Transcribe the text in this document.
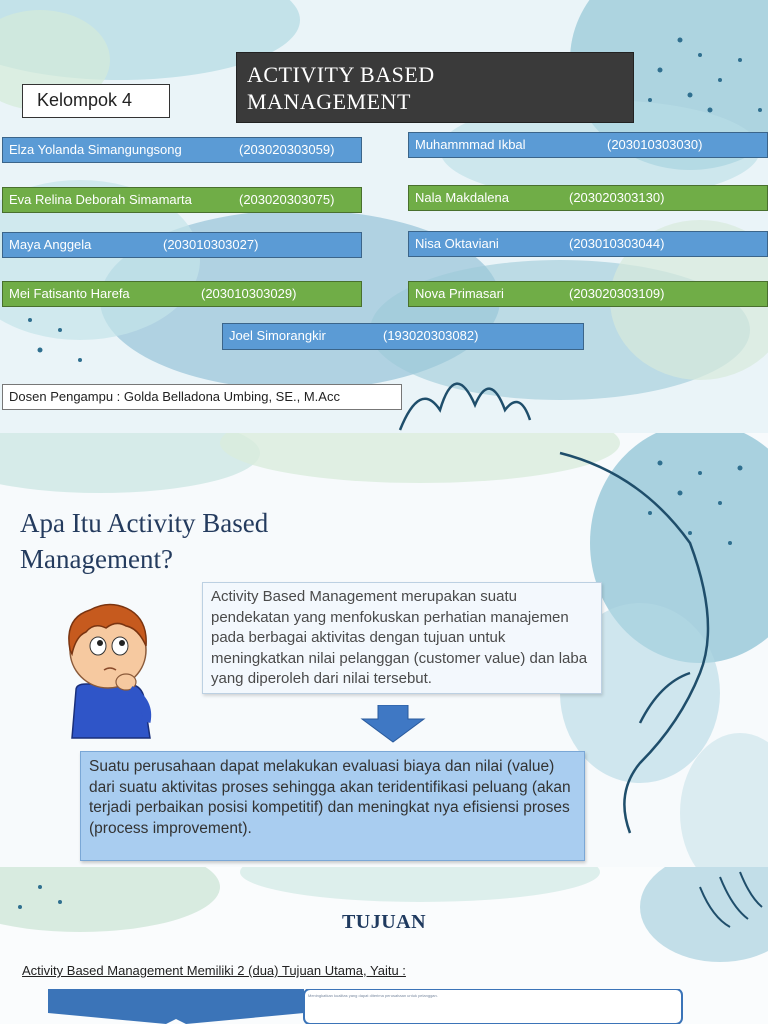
ACTIVITY BASED
MANAGEMENT
Kelompok 4
Elza Yolanda Simangungsong	(203020303059)
Eva Relina Deborah Simamarta	(203020303075)
Maya Anggela	(203010303027)
Mei Fatisanto Harefa	(203010303029)
Muhammmad Ikbal	(203010303030)
Nala Makdalena	(203020303130)
Nisa Oktaviani	(203010303044)
Nova Primasari	(203020303109)
Joel Simorangkir	(193020303082)
Dosen Pengampu : Golda Belladona Umbing, SE., M.Acc
Apa Itu Activity Based
Management?
Activity Based Management merupakan suatu pendekatan yang menfokuskan perhatian manajemen pada berbagai aktivitas dengan tujuan untuk meningkatkan nilai pelanggan (customer value) dan laba yang diperoleh dari nilai tersebut.
Suatu perusahaan dapat melakukan evaluasi biaya dan nilai (value) dari suatu aktivitas proses sehingga akan teridentifikasi peluang (akan terjadi perbaikan posisi kompetitif) dan meningkat nya efisiensi proses (process improvement).
TUJUAN
Activity Based Management Memiliki 2 (dua) Tujuan Utama, Yaitu :
Meningkatkan kualitas yang dapat diterima perusahaan untuk pelanggan.
